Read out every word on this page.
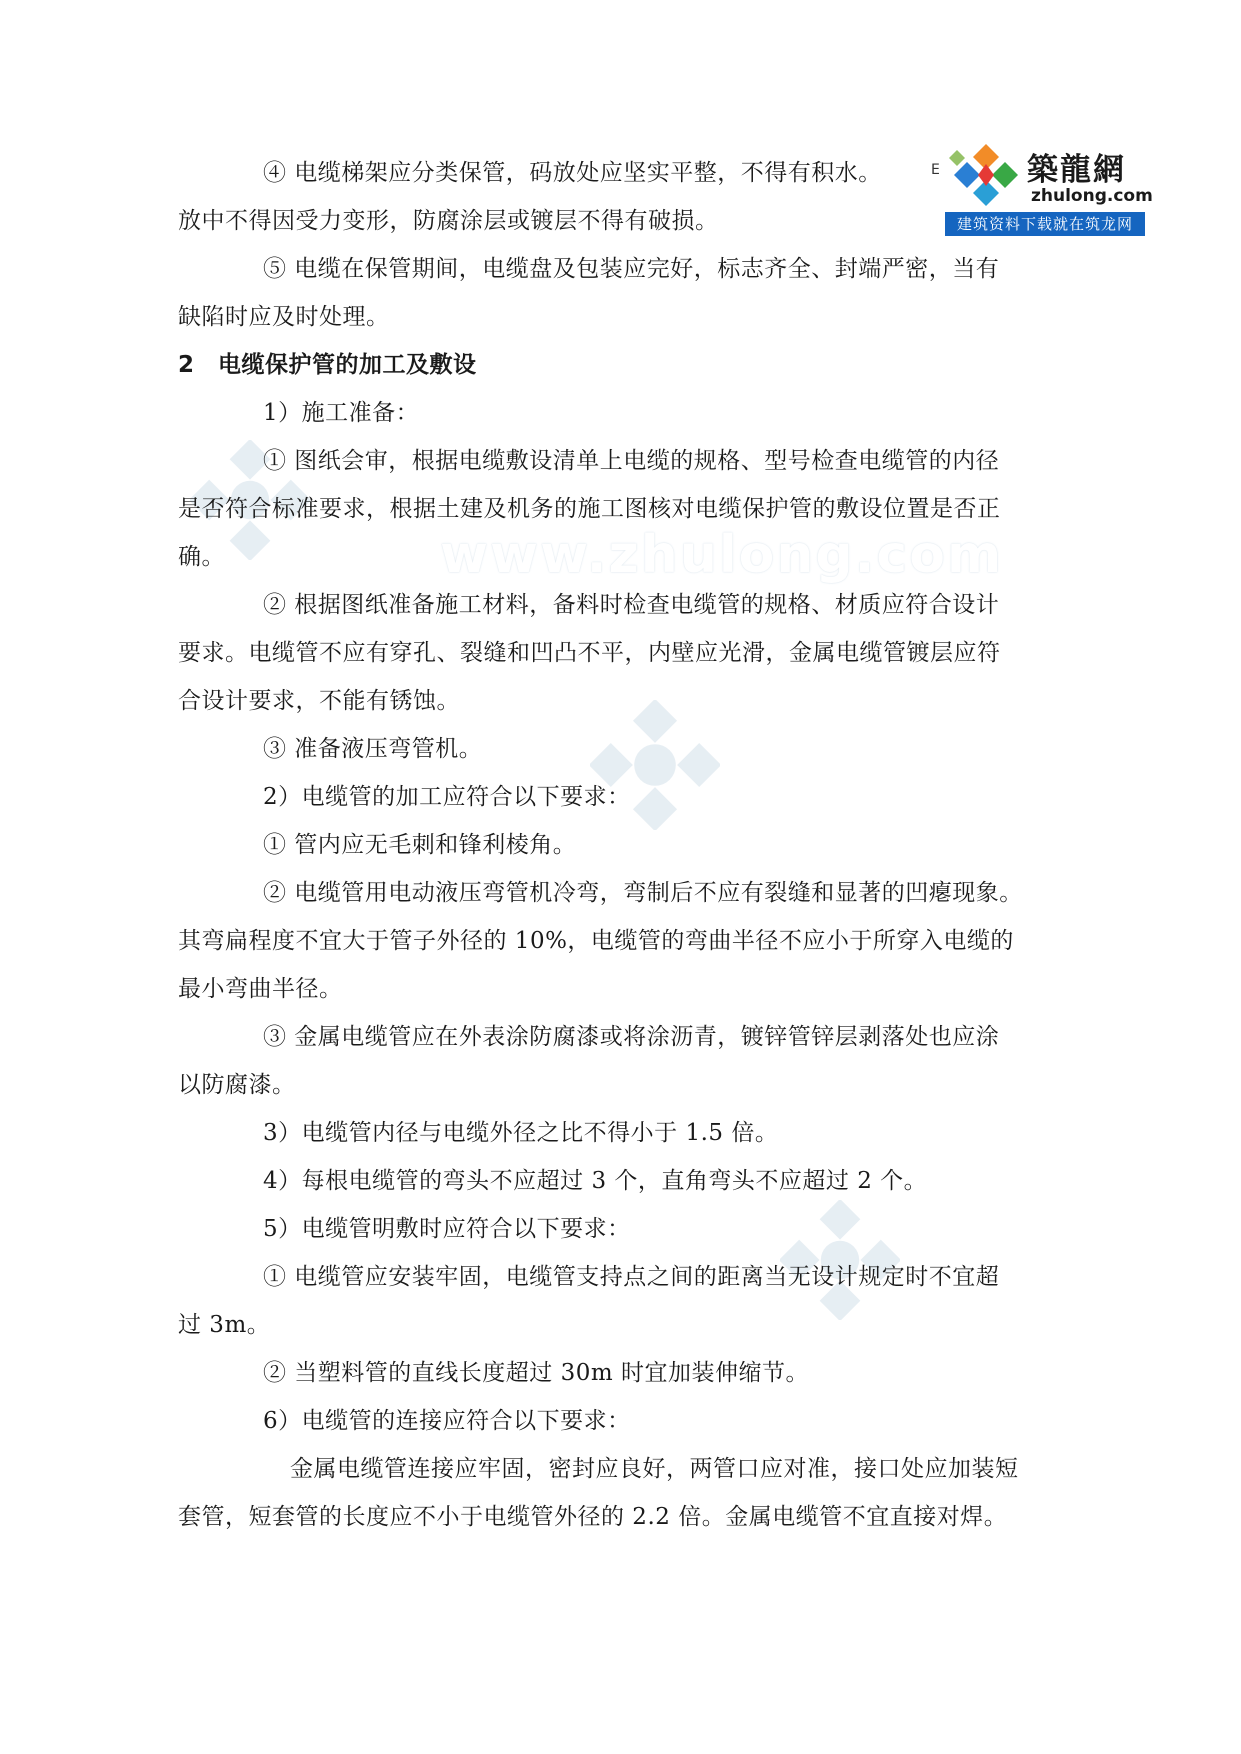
www.zhulong.com
築龍網
zhulong.com
建筑资料下载就在筑龙网
E
④ 电缆梯架应分类保管，码放处应坚实平整，不得有积水。
放中不得因受力变形，防腐涂层或镀层不得有破损。
⑤ 电缆在保管期间，电缆盘及包装应完好，标志齐全、封端严密，当有
缺陷时应及时处理。
2　电缆保护管的加工及敷设
1）施工准备：
① 图纸会审，根据电缆敷设清单上电缆的规格、型号检查电缆管的内径
是否符合标准要求，根据土建及机务的施工图核对电缆保护管的敷设位置是否正
确。
② 根据图纸准备施工材料，备料时检查电缆管的规格、材质应符合设计
要求。电缆管不应有穿孔、裂缝和凹凸不平，内壁应光滑，金属电缆管镀层应符
合设计要求，不能有锈蚀。
③ 准备液压弯管机。
2）电缆管的加工应符合以下要求：
① 管内应无毛刺和锋利棱角。
② 电缆管用电动液压弯管机冷弯，弯制后不应有裂缝和显著的凹瘪现象。
其弯扁程度不宜大于管子外径的 10%，电缆管的弯曲半径不应小于所穿入电缆的
最小弯曲半径。
③ 金属电缆管应在外表涂防腐漆或将涂沥青，镀锌管锌层剥落处也应涂
以防腐漆。
3）电缆管内径与电缆外径之比不得小于 1.5 倍。
4）每根电缆管的弯头不应超过 3 个，直角弯头不应超过 2 个。
5）电缆管明敷时应符合以下要求：
① 电缆管应安装牢固，电缆管支持点之间的距离当无设计规定时不宜超
过 3m。
② 当塑料管的直线长度超过 30m 时宜加装伸缩节。
6）电缆管的连接应符合以下要求：
金属电缆管连接应牢固，密封应良好，两管口应对准，接口处应加装短
套管，短套管的长度应不小于电缆管外径的 2.2 倍。金属电缆管不宜直接对焊。
